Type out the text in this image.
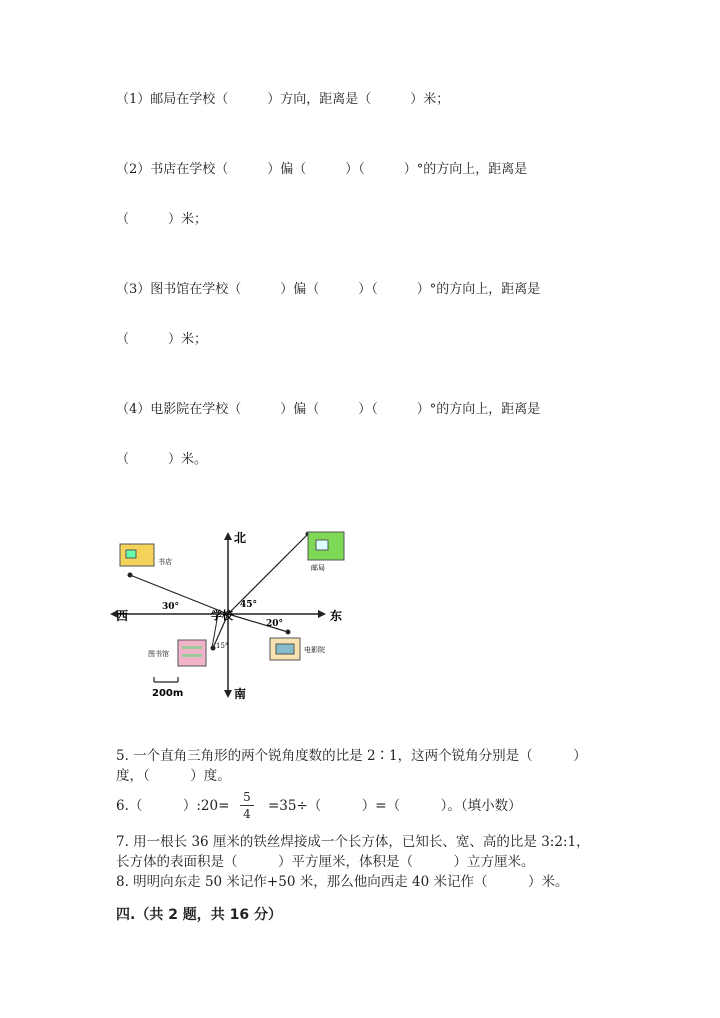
（1）邮局在学校（　　　）方向，距离是（　　　）米；
（2）书店在学校（　　　）偏（　　　）（　　　）°的方向上，距离是
（　　　）米；
（3）图书馆在学校（　　　）偏（　　　）（　　　）°的方向上，距离是
（　　　）米；
（4）电影院在学校（　　　）偏（　　　）（　　　）°的方向上，距离是
（　　　）米。
北
南
东
西	学校
书店
邮局
图书馆	电影院
30°	45°
20°
15°
200m
5. 一个直角三角形的两个锐角度数的比是 2∶1，这两个锐角分别是（　　　）
度，（　　　）度。
6.（　　　）:20=
5
4 =35÷（　　　）=（　　　）。（填小数）
7. 用一根长 36 厘米的铁丝焊接成一个长方体，已知长、宽、高的比是 3:2:1，
长方体的表面积是（　　　）平方厘米，体积是（　　　）立方厘米。
8. 明明向东走 50 米记作+50 米，那么他向西走 40 米记作（　　　）米。
四.（共 2 题，共 16 分）
